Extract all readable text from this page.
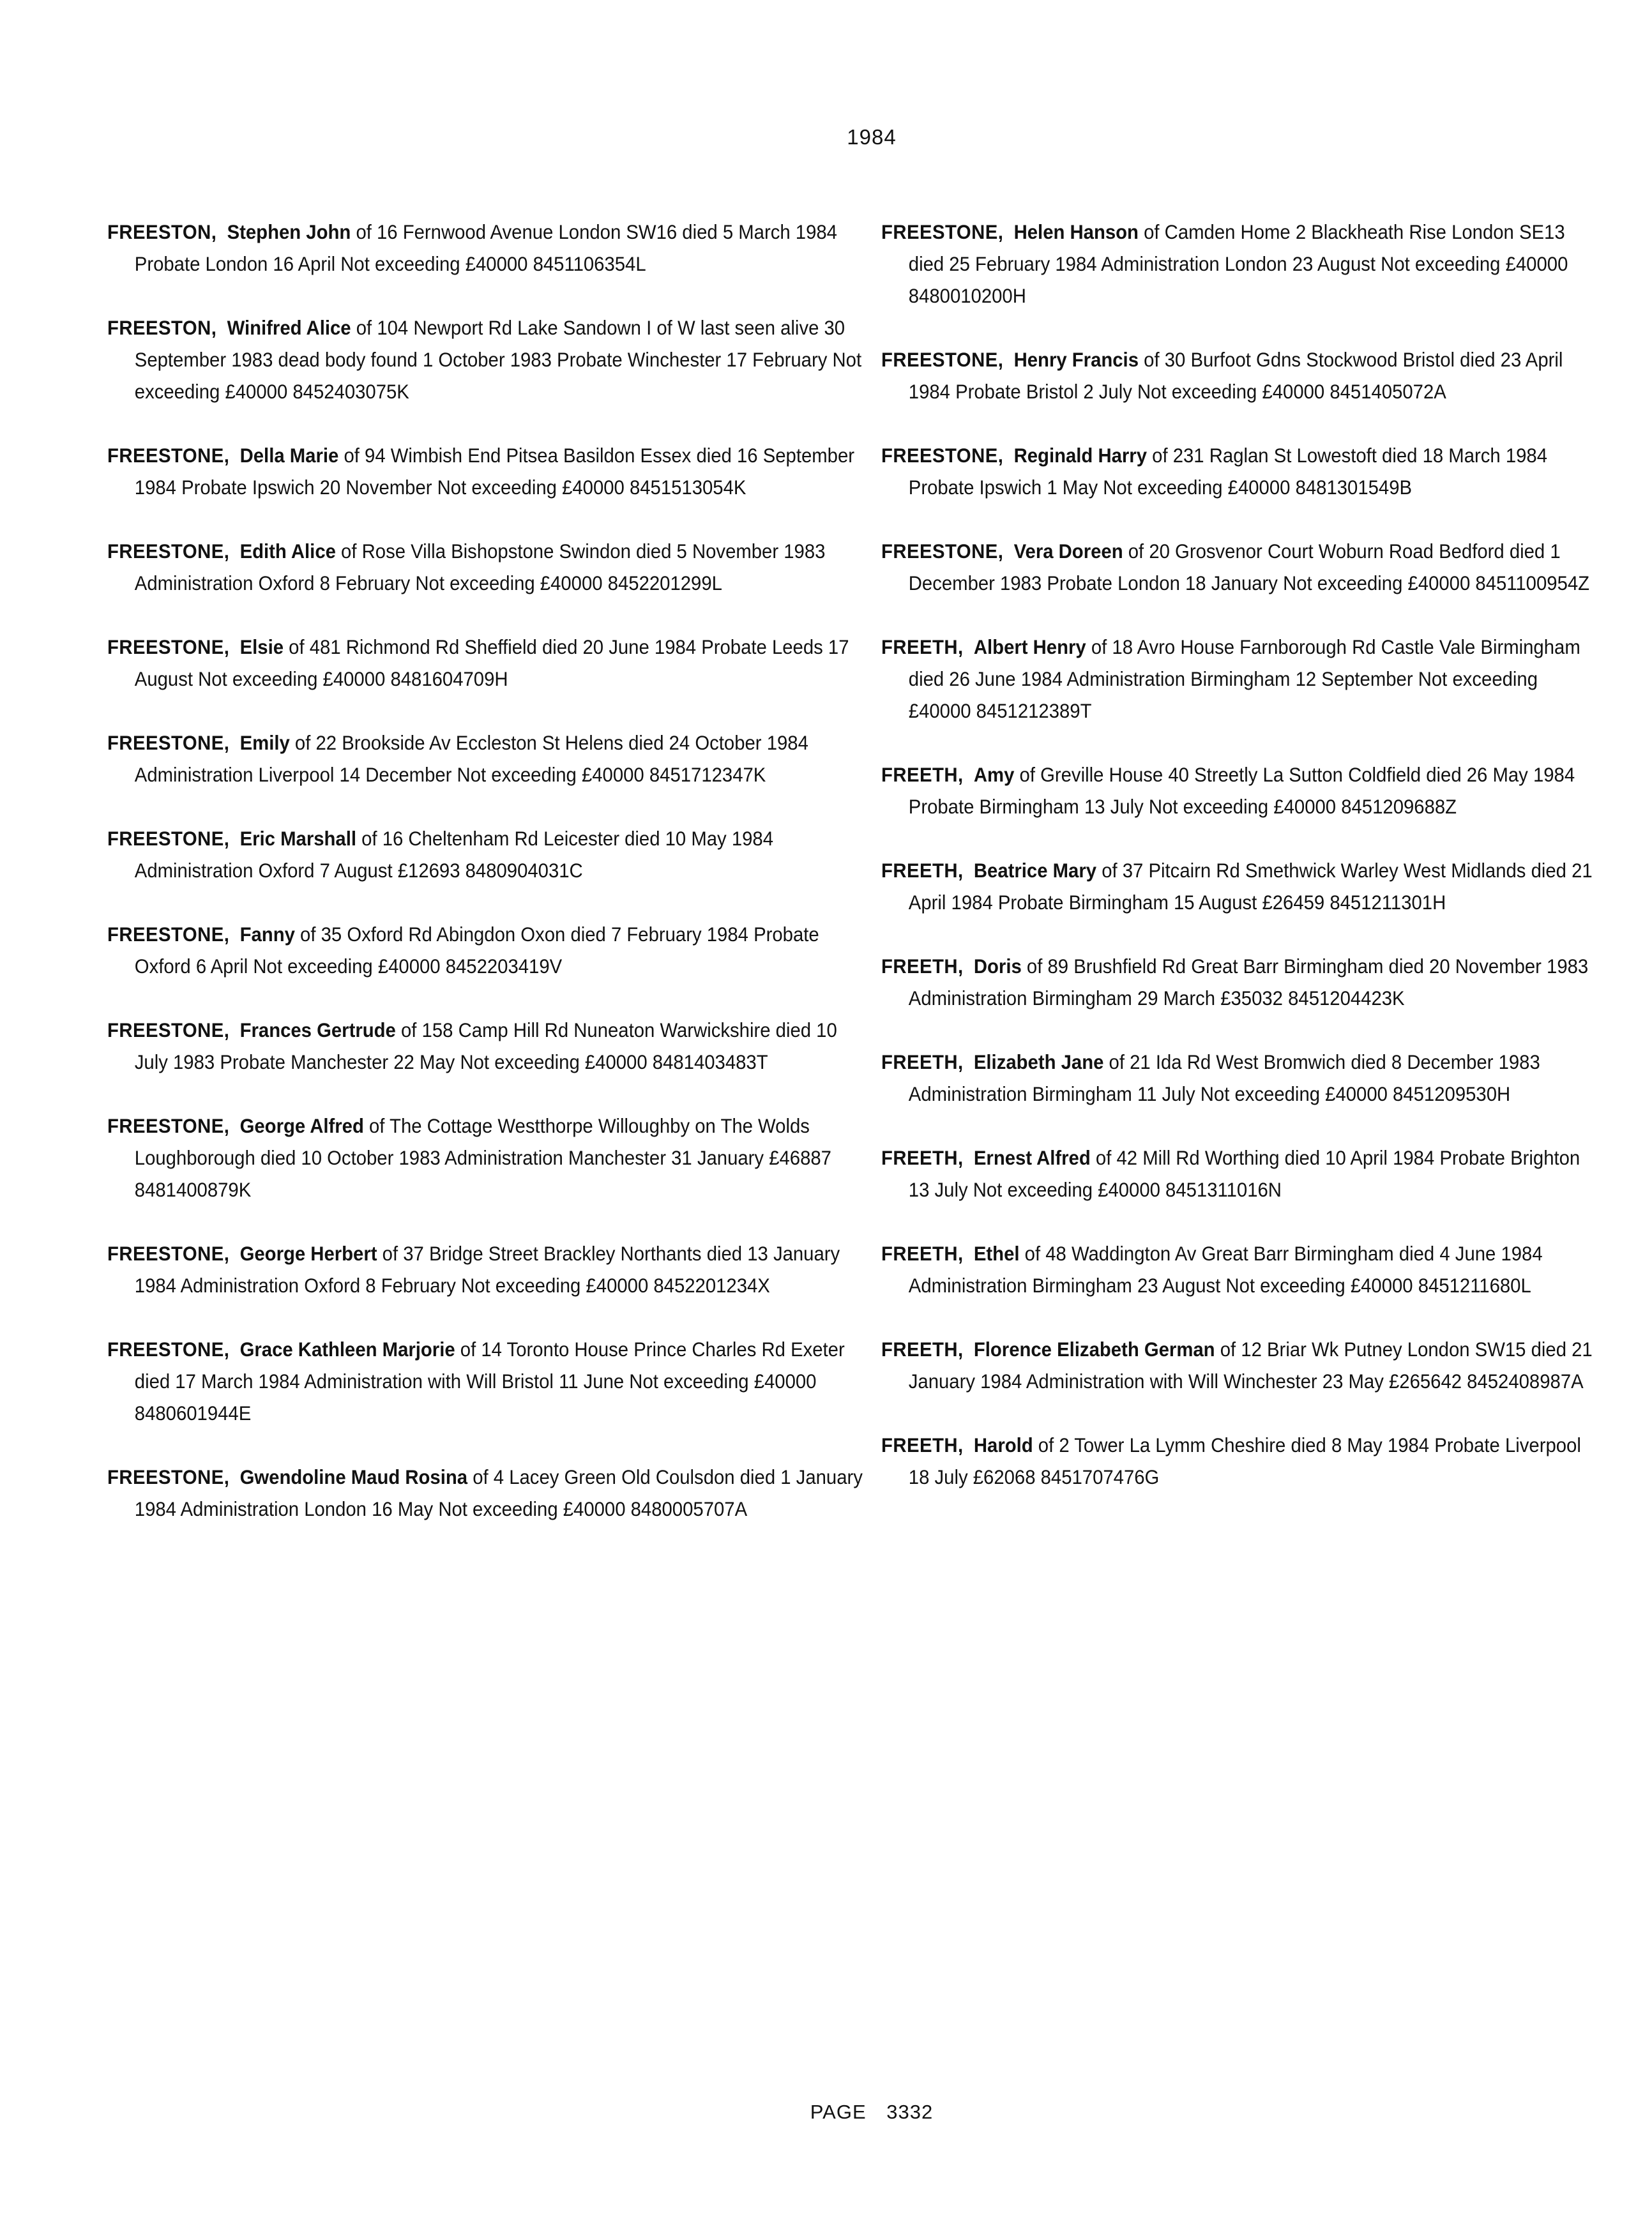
1984

FREESTON, Stephen John of 16 Fernwood Avenue London SW16 died 5 March 1984 Probate London 16 April Not exceeding £40000 8451106354L

FREESTON, Winifred Alice of 104 Newport Rd Lake Sandown I of W last seen alive 30 September 1983 dead body found 1 October 1983 Probate Winchester 17 February Not exceeding £40000 8452403075K

FREESTONE, Della Marie of 94 Wimbish End Pitsea Basildon Essex died 16 September 1984 Probate Ipswich 20 November Not exceeding £40000 8451513054K

FREESTONE, Edith Alice of Rose Villa Bishopstone Swindon died 5 November 1983 Administration Oxford 8 February Not exceeding £40000 8452201299L

FREESTONE, Elsie of 481 Richmond Rd Sheffield died 20 June 1984 Probate Leeds 17 August Not exceeding £40000 8481604709H

FREESTONE, Emily of 22 Brookside Av Eccleston St Helens died 24 October 1984 Administration Liverpool 14 December Not exceeding £40000 8451712347K

FREESTONE, Eric Marshall of 16 Cheltenham Rd Leicester died 10 May 1984 Administration Oxford 7 August £12693 8480904031C

FREESTONE, Fanny of 35 Oxford Rd Abingdon Oxon died 7 February 1984 Probate Oxford 6 April Not exceeding £40000 8452203419V

FREESTONE, Frances Gertrude of 158 Camp Hill Rd Nuneaton Warwickshire died 10 July 1983 Probate Manchester 22 May Not exceeding £40000 8481403483T

FREESTONE, George Alfred of The Cottage Westthorpe Willoughby on The Wolds Loughborough died 10 October 1983 Administration Manchester 31 January £46887 8481400879K

FREESTONE, George Herbert of 37 Bridge Street Brackley Northants died 13 January 1984 Administration Oxford 8 February Not exceeding £40000 8452201234X

FREESTONE, Grace Kathleen Marjorie of 14 Toronto House Prince Charles Rd Exeter died 17 March 1984 Administration with Will Bristol 11 June Not exceeding £40000 8480601944E

FREESTONE, Gwendoline Maud Rosina of 4 Lacey Green Old Coulsdon died 1 January 1984 Administration London 16 May Not exceeding £40000 8480005707A

FREESTONE, Helen Hanson of Camden Home 2 Blackheath Rise London SE13 died 25 February 1984 Administration London 23 August Not exceeding £40000 8480010200H

FREESTONE, Henry Francis of 30 Burfoot Gdns Stockwood Bristol died 23 April 1984 Probate Bristol 2 July Not exceeding £40000 8451405072A

FREESTONE, Reginald Harry of 231 Raglan St Lowestoft died 18 March 1984 Probate Ipswich 1 May Not exceeding £40000 8481301549B

FREESTONE, Vera Doreen of 20 Grosvenor Court Woburn Road Bedford died 1 December 1983 Probate London 18 January Not exceeding £40000 8451100954Z

FREETH, Albert Henry of 18 Avro House Farnborough Rd Castle Vale Birmingham died 26 June 1984 Administration Birmingham 12 September Not exceeding £40000 8451212389T

FREETH, Amy of Greville House 40 Streetly La Sutton Coldfield died 26 May 1984 Probate Birmingham 13 July Not exceeding £40000 8451209688Z

FREETH, Beatrice Mary of 37 Pitcairn Rd Smethwick Warley West Midlands died 21 April 1984 Probate Birmingham 15 August £26459 8451211301H

FREETH, Doris of 89 Brushfield Rd Great Barr Birmingham died 20 November 1983 Administration Birmingham 29 March £35032 8451204423K

FREETH, Elizabeth Jane of 21 Ida Rd West Bromwich died 8 December 1983 Administration Birmingham 11 July Not exceeding £40000 8451209530H

FREETH, Ernest Alfred of 42 Mill Rd Worthing died 10 April 1984 Probate Brighton 13 July Not exceeding £40000 8451311016N

FREETH, Ethel of 48 Waddington Av Great Barr Birmingham died 4 June 1984 Administration Birmingham 23 August Not exceeding £40000 8451211680L

FREETH, Florence Elizabeth German of 12 Briar Wk Putney London SW15 died 21 January 1984 Administration with Will Winchester 23 May £265642 8452408987A

FREETH, Harold of 2 Tower La Lymm Cheshire died 8 May 1984 Probate Liverpool 18 July £62068 8451707476G

PAGE 3332
